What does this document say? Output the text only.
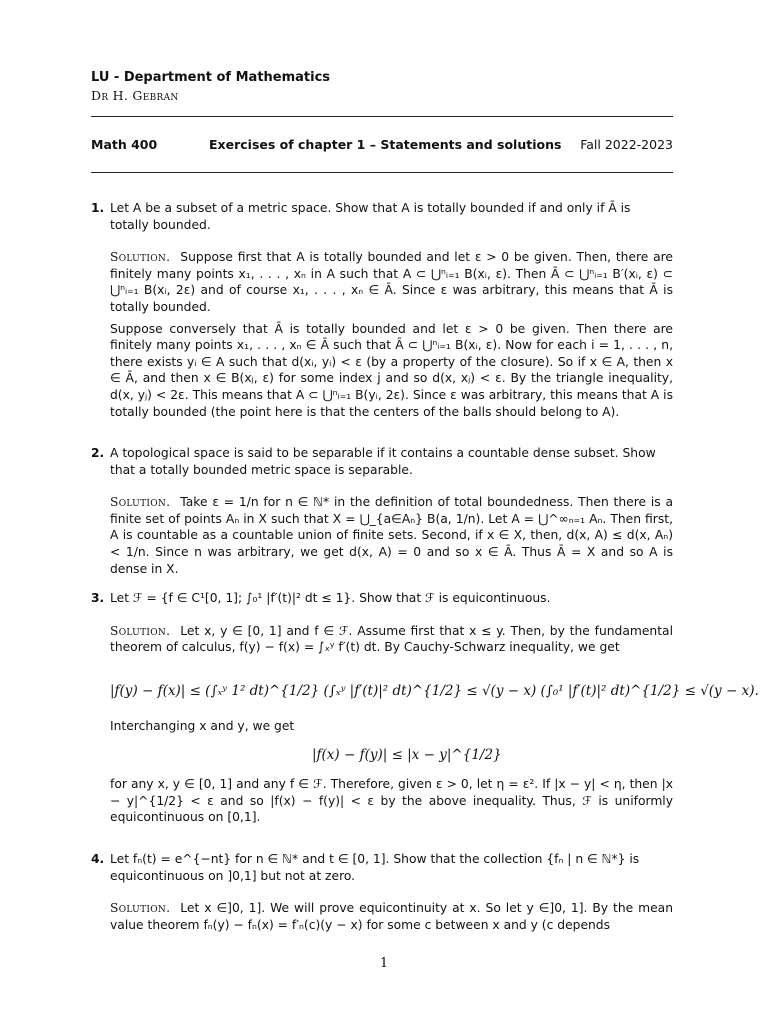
LU - Department of Mathematics
Dr H. Gebran
Math 400	Exercises of chapter 1 – Statements and solutions Fall 2022-2023
1. Let A be a subset of a metric space. Show that A is totally bounded if and only if Ā is totally bounded.
Solution. Suppose first that A is totally bounded and let ε > 0 be given. Then, there are finitely many points x₁, . . . , xₙ in A such that A ⊂ ⋃ⁿᵢ₌₁ B(xᵢ, ε). Then Ā ⊂ ⋃ⁿᵢ₌₁ B′(xᵢ, ε) ⊂ ⋃ⁿᵢ₌₁ B(xᵢ, 2ε) and of course x₁, . . . , xₙ ∈ Ā. Since ε was arbitrary, this means that Ā is totally bounded.
Suppose conversely that Ā is totally bounded and let ε > 0 be given. Then there are finitely many points x₁, . . . , xₙ ∈ Ā such that Ā ⊂ ⋃ⁿᵢ₌₁ B(xᵢ, ε). Now for each i = 1, . . . , n, there exists yᵢ ∈ A such that d(xᵢ, yᵢ) < ε (by a property of the closure). So if x ∈ A, then x ∈ Ā, and then x ∈ B(xⱼ, ε) for some index j and so d(x, xⱼ) < ε. By the triangle inequality, d(x, yⱼ) < 2ε. This means that A ⊂ ⋃ⁿᵢ₌₁ B(yᵢ, 2ε). Since ε was arbitrary, this means that A is totally bounded (the point here is that the centers of the balls should belong to A).
2. A topological space is said to be separable if it contains a countable dense subset. Show that a totally bounded metric space is separable.
Solution. Take ε = 1/n for n ∈ ℕ* in the definition of total boundedness. Then there is a finite set of points Aₙ in X such that X = ⋃_{a∈Aₙ} B(a, 1/n). Let A = ⋃^∞ₙ₌₁ Aₙ. Then first, A is countable as a countable union of finite sets. Second, if x ∈ X, then, d(x, A) ≤ d(x, Aₙ) < 1/n. Since n was arbitrary, we get d(x, A) = 0 and so x ∈ Ā. Thus Ā = X and so A is dense in X.
3. Let ℱ = {f ∈ C¹[0, 1]; ∫₀¹ |f′(t)|² dt ≤ 1}. Show that ℱ is equicontinuous.
Solution. Let x, y ∈ [0, 1] and f ∈ ℱ. Assume first that x ≤ y. Then, by the fundamental theorem of calculus, f(y) − f(x) = ∫ₓʸ f′(t) dt. By Cauchy-Schwarz inequality, we get
|f(y) − f(x)| ≤ (∫ₓʸ 1² dt)^{1/2} (∫ₓʸ |f′(t)|² dt)^{1/2} ≤ √(y − x) (∫₀¹ |f′(t)|² dt)^{1/2} ≤ √(y − x).
Interchanging x and y, we get
|f(x) − f(y)| ≤ |x − y|^{1/2}
for any x, y ∈ [0, 1] and any f ∈ ℱ. Therefore, given ε > 0, let η = ε². If |x − y| < η, then |x − y|^{1/2} < ε and so |f(x) − f(y)| < ε by the above inequality. Thus, ℱ is uniformly equicontinuous on [0,1].
4. Let fₙ(t) = e^{−nt} for n ∈ ℕ* and t ∈ [0, 1]. Show that the collection {fₙ | n ∈ ℕ*} is equicontinuous on ]0,1] but not at zero.
Solution. Let x ∈]0, 1]. We will prove equicontinuity at x. So let y ∈]0, 1]. By the mean value theorem fₙ(y) − fₙ(x) = f′ₙ(c)(y − x) for some c between x and y (c depends
1
